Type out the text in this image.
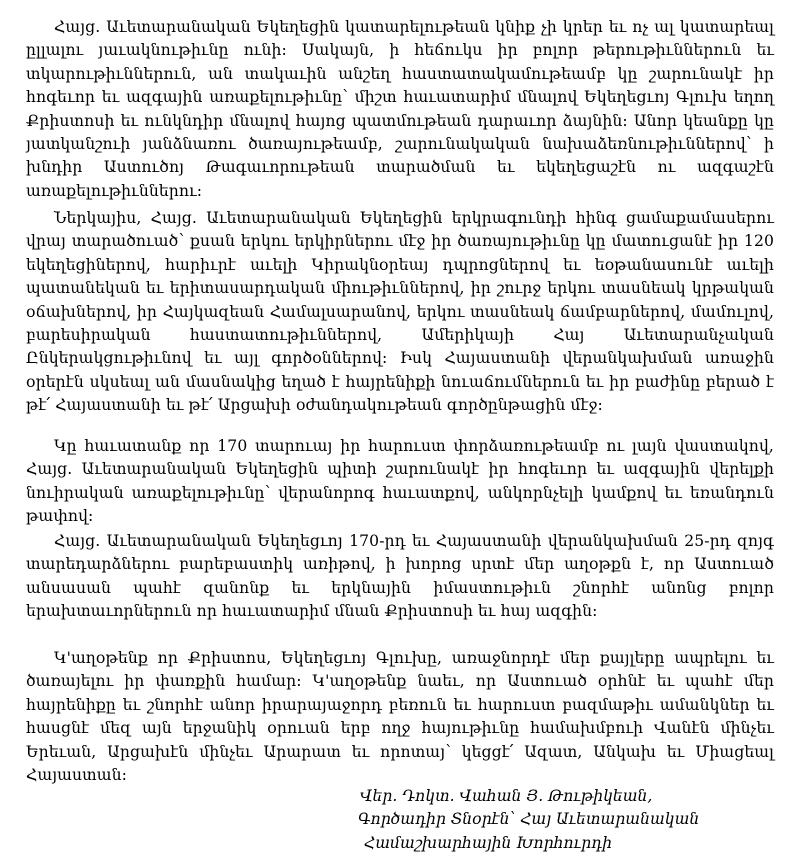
Հայց. Աւետարանական Եկեղեցին կատարելութեան կնիք չի կրեր եւ ոչ ալ կատարեալ ըլլալու յաւակնութիւնը ունի: Սակայն, ի հեճուկս իր բոլոր թերութիւններուն եւ տկարութիւններուն, ան տակաւին անշեղ հաստատակամութեամբ կը շարունակէ իր հոգեւոր եւ ազգային առաքելութիւնը՝ միշտ հաւատարիմ մնալով Եկեղեցւոյ Գլուխ եղող Քրիստոսի եւ ունկնդիր մնալով հայոց պատմութեան դարաւոր ձայնին: Անոր կեանքը կը յատկանշուի յանձնառու ծառայութեամբ, շարունակական նախաձեռնութիւններով՝ ի խնդիր Աստուծոյ Թագաւորութեան տարածման եւ եկեղեցաշէն ու ազգաշէն առաքելութիւններու:

Ներկայիս, Հայց. Աւետարանական Եկեղեցին երկրագունդի հինգ ցամաքամասերու վրայ տարածուած՝ քսան երկու երկիրներու մէջ իր ծառայութիւնը կը մատուցանէ իր 120 եկեղեցիներով, հարիւրէ աւելի Կիրակնօրեայ դպրոցներով եւ եօթանասունէ աւելի պատանեկան եւ երիտասարդական միութիւններով, իր շուրջ երկու տասնեակ կրթական օճախներով, իր Հայկազեան Համալսարանով, երկու տասնեակ ճամբարներով, մամուլով, բարեսիրական հաստատութիւններով, Ամերիկայի Հայ Աւետարանչական Ընկերակցութիւնով եւ այլ գործօններով: Իսկ Հայաստանի վերանկախման առաջին օրերէն սկսեալ ան մասնակից եղած է հայրենիքի նուաճումներուն եւ իր բաժինը բերած է թէ՛ Հայաստանի եւ թէ՛ Արցախի օժանդակութեան գործընթացին մէջ:

Կը հաւատանք որ 170 տարուայ իր հարուստ փորձառութեամբ ու լայն վաստակով, Հայց. Աւետարանական Եկեղեցին պիտի շարունակէ իր հոգեւոր եւ ազգային վերելքի նուիրական առաքելութիւնը՝ վերանորոգ հաւատքով, անկորնչելի կամքով եւ եռանդուն թափով:

Հայց. Աւետարանական Եկեղեցւոյ 170-րդ եւ Հայաստանի վերանկախման 25-րդ զոյգ տարեդարձներու բարեբաստիկ առիթով, ի խորոց սրտէ մեր աղօթքն է, որ Աստուած անսասան պահէ զանոնք եւ երկնային իմաստութիւն շնորհէ անոնց բոլոր երախտաւորներուն որ հաւատարիմ մնան Քրիստոսի եւ հայ ազգին:

Կ'աղօթենք որ Քրիստոս, Եկեղեցւոյ Գլուխը, առաջնորդէ մեր քայլերը ապրելու եւ ծառայելու իր փառքին համար: Կ'աղօթենք նաեւ, որ Աստուած օրհնէ եւ պահէ մեր հայրենիքը եւ շնորհէ անոր իրարայաջորդ բեռուն եւ հարուստ բազմաթիւ ամանկներ եւ հասցնէ մեզ այն երջանիկ օրուան երբ ողջ հայութիւնը համախմբուի Վանէն մինչեւ Երեւան, Արցախէն մինչեւ Արարատ եւ որոտայ՝ կեցցէ՛ Ազատ, Անկախ եւ Միացեալ Հայաստան:

Վեր. Դոկտ. Վահան Յ. Թութիկեան,
Գործադիր Տնօրէն՝ Հայ Աւետարանական
Համաշխարհային Խորհուրդի
